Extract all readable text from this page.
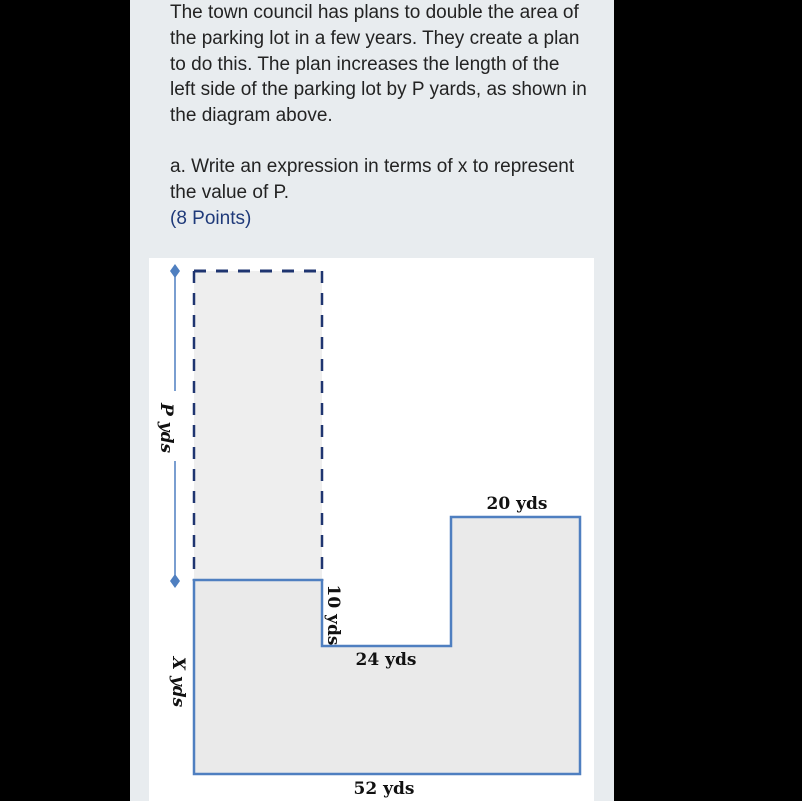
The town council has plans to double the area of the parking lot in a few years. They create a plan to do this. The plan increases the length of the left side of the parking lot by P yards, as shown in the diagram above.

a. Write an expression in terms of x to represent the value of P.

(8 Points)

P yds
X yds
10 yds
24 yds
20 yds
52 yds
